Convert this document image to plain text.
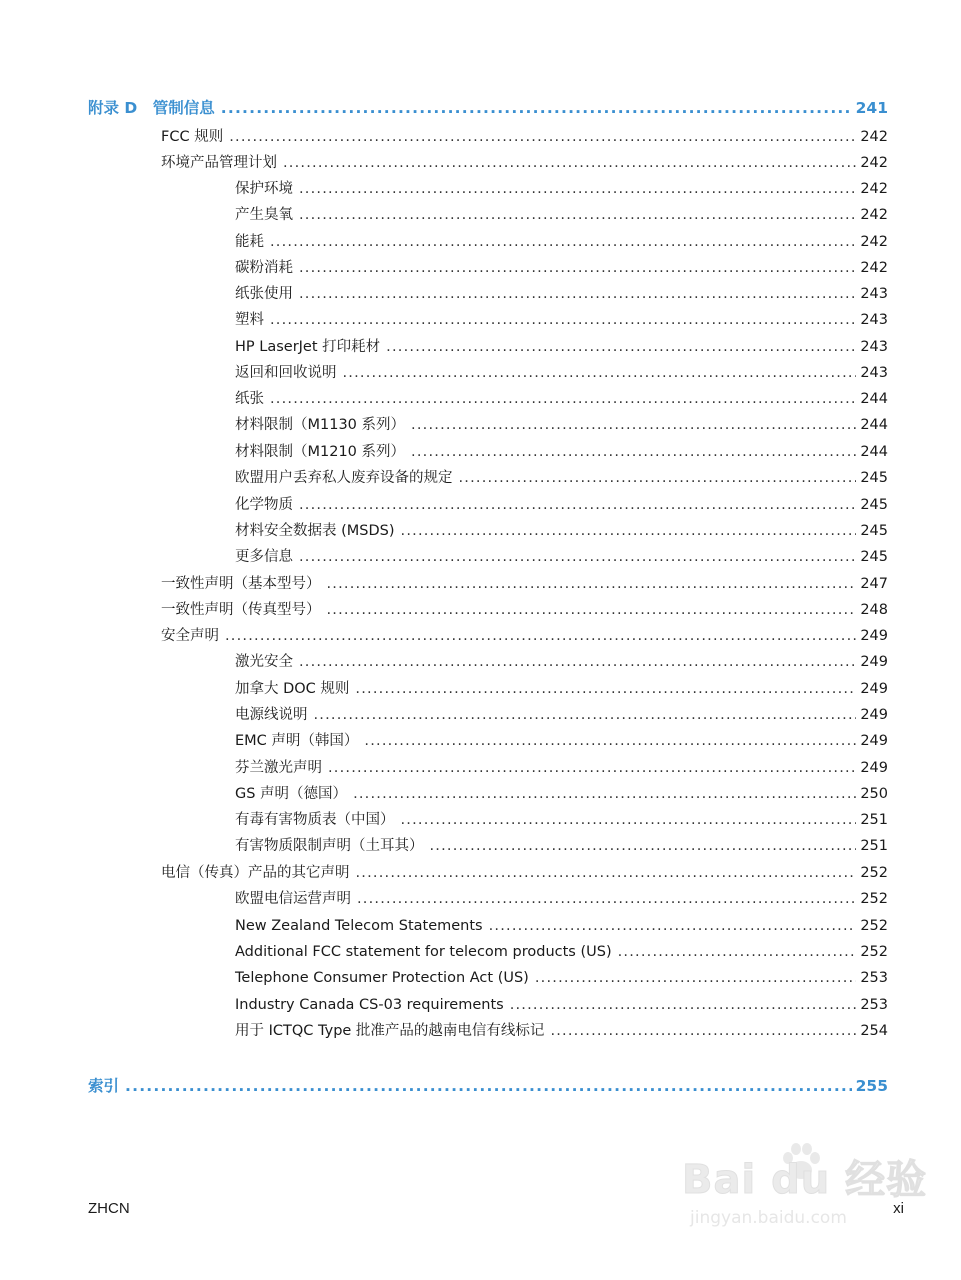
附录 D　管制信息 .....	241
FCC 规则 .....	242
环境产品管理计划 .....	242
保护环境 .....	242
产生臭氧 .....	242
能耗 .....	242
碳粉消耗 .....	242
纸张使用 .....	243
塑料 .....	243
HP LaserJet 打印耗材 .....	243
返回和回收说明 .....	243
纸张 .....	244
材料限制（M1130 系列） .....	244
材料限制（M1210 系列） .....	244
欧盟用户丢弃私人废弃设备的规定 .....	245
化学物质 .....	245
材料安全数据表 (MSDS) .....	245
更多信息 .....	245
一致性声明（基本型号） .....	247
一致性声明（传真型号） .....	248
安全声明 .....	249
激光安全 .....	249
加拿大 DOC 规则 .....	249
电源线说明 .....	249
EMC 声明（韩国） .....	249
芬兰激光声明 .....	249
GS 声明（德国） .....	250
有毒有害物质表（中国） .....	251
有害物质限制声明（土耳其） .....	251
电信（传真）产品的其它声明 .....	252
欧盟电信运营声明 .....	252
New Zealand Telecom Statements .....	252
Additional FCC statement for telecom products (US) .....	252
Telephone Consumer Protection Act (US) .....	253
Industry Canada CS-03 requirements .....	253
用于 ICTQC Type 批准产品的越南电信有线标记 .....	254
索引 .....	255
Bai du 经验
jingyan.baidu.com
ZHCN	xi
